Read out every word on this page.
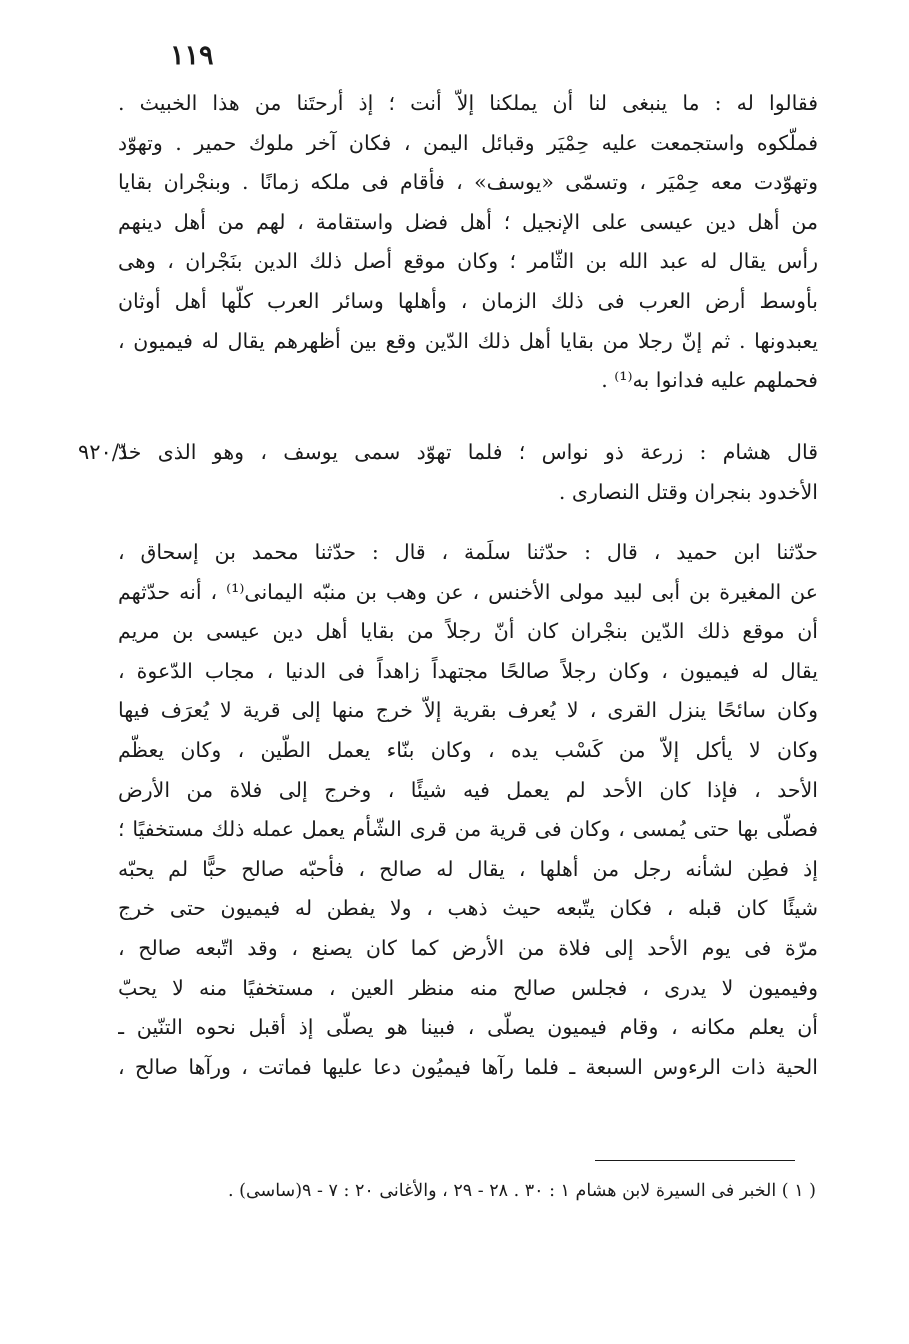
١١٩
٩٢٠/١
فقالوا له : ما ينبغى لنا أن يملكنا إلاّ أنت ؛ إذ أرحتَنا من هذا الخبيث .
فملّكوه واستجمعت عليه حِمْيَر وقبائل اليمن ، فكان آخر ملوك حمير . وتهوّد
وتهوّدت معه حِمْيَر ، وتسمّى «يوسف» ، فأقام فى ملكه زمانًا . وبنجْران بقايا
من أهل دين عيسى على الإنجيل ؛ أهل فضل واستقامة ، لهم من أهل دينهم
رأس يقال له عبد الله بن الثّامر ؛ وكان موقع أصل ذلك الدين بنَجْران ، وهى
بأوسط أرض العرب فى ذلك الزمان ، وأهلها وسائر العرب كلّها أهل أوثان
يعبدونها . ثم إنّ رجلا من بقايا أهل ذلك الدّين وقع بين أظهرهم يقال له فيميون ،
فحملهم عليه فدانوا به⁽¹⁾ .
قال هشام : زرعة ذو نواس ؛ فلما تهوّد سمى يوسف ، وهو الذى خدّ
الأخدود بنجران وقتل النصارى .
حدّثنا ابن حميد ، قال : حدّثنا سلَمة ، قال : حدّثنا محمد بن إسحاق ،
عن المغيرة بن أبى لبيد مولى الأخنس ، عن وهب بن منبّه اليمانى⁽¹⁾ ، أنه حدّثهم
أن موقع ذلك الدّين بنجْران كان أنّ رجلاً من بقايا أهل دين عيسى بن مريم
يقال له فيميون ، وكان رجلاً صالحًا مجتهداً زاهداً فى الدنيا ، مجاب الدّعوة ،
وكان سائحًا ينزل القرى ، لا يُعرف بقرية إلاّ خرج منها إلى قرية لا يُعرَف فيها
وكان لا يأكل إلاّ من كَسْب يده ، وكان بنّاء يعمل الطّين ، وكان يعظّم
الأحد ، فإذا كان الأحد لم يعمل فيه شيئًا ، وخرج إلى فلاة من الأرض
فصلّى بها حتى يُمسى ، وكان فى قرية من قرى الشّأم يعمل عمله ذلك مستخفيًا ؛
إذ فطِن لشأنه رجل من أهلها ، يقال له صالح ، فأحبّه صالح حبًّا لم يحبّه
شيئًا كان قبله ، فكان يتّبعه حيث ذهب ، ولا يفطن له فيميون حتى خرج
مرّة فى يوم الأحد إلى فلاة من الأرض كما كان يصنع ، وقد اتّبعه صالح ،
وفيميون لا يدرى ، فجلس صالح منه منظر العين ، مستخفيًا منه لا يحبّ
أن يعلم مكانه ، وقام فيميون يصلّى ، فبينا هو يصلّى إذ أقبل نحوه التنّين ـ
الحية ذات الرءوس السبعة ـ فلما رآها فيميُون دعا عليها فماتت ، ورآها صالح ،
( ١ ) الخبر فى السيرة لابن هشام ١ : ٣٠ . ٢٨ - ٢٩ ، والأغانى ٢٠ : ٧ - ٩(ساسى) .
